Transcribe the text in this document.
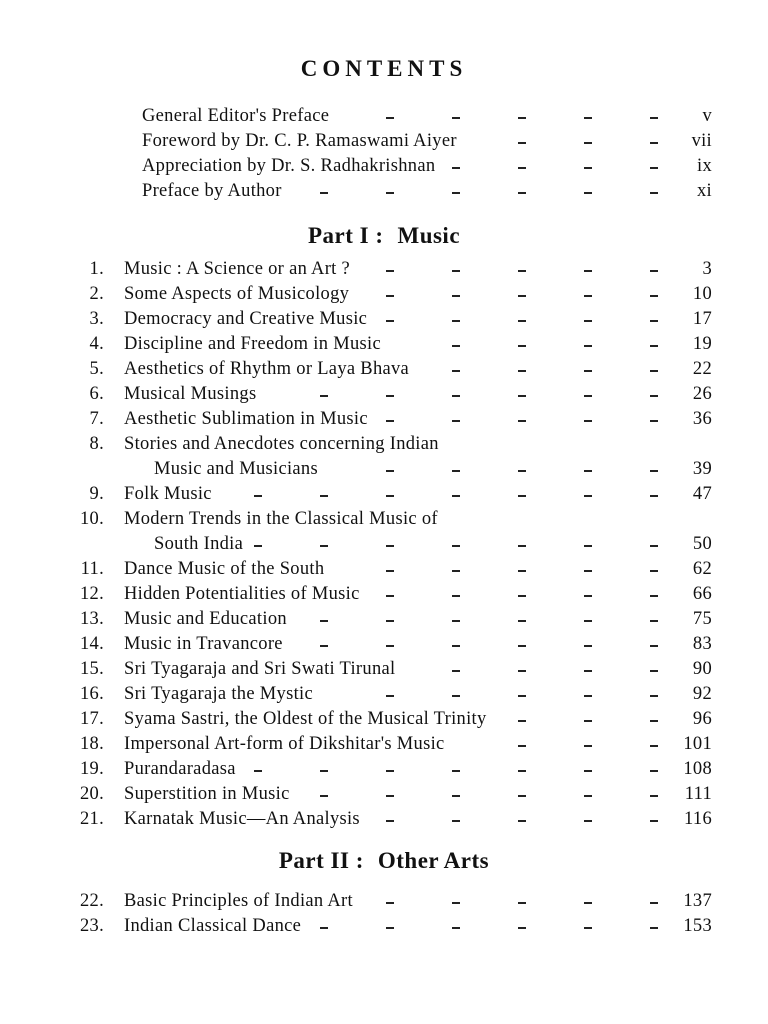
CONTENTS
General Editor's Preface	v
Foreword by Dr. C. P. Ramaswami Aiyer	vii
Appreciation by Dr. S. Radhakrishnan	ix
Preface by Author	xi
Part I : Music
1. Music : A Science or an Art ?	3
2. Some Aspects of Musicology	10
3. Democracy and Creative Music	17
4. Discipline and Freedom in Music	19
5. Aesthetics of Rhythm or Laya Bhava	22
6. Musical Musings	26
7. Aesthetic Sublimation in Music	36
8. Stories and Anecdotes concerning Indian
Music and Musicians	39
9. Folk Music	47
10. Modern Trends in the Classical Music of
South India	50
11. Dance Music of the South	62
12. Hidden Potentialities of Music	66
13. Music and Education	75
14. Music in Travancore	83
15. Sri Tyagaraja and Sri Swati Tirunal	90
16. Sri Tyagaraja the Mystic	92
17. Syama Sastri, the Oldest of the Musical Trinity	96
18. Impersonal Art-form of Dikshitar's Music	101
19. Purandaradasa	108
20. Superstition in Music	111
21. Karnatak Music—An Analysis	116
Part II : Other Arts
22. Basic Principles of Indian Art	137
23. Indian Classical Dance	153
